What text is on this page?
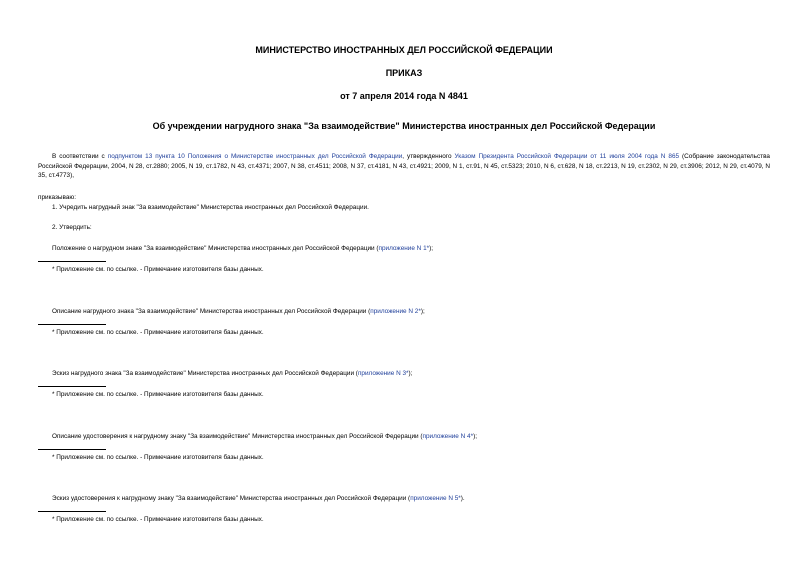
МИНИСТЕРСТВО ИНОСТРАННЫХ ДЕЛ РОССИЙСКОЙ ФЕДЕРАЦИИ
ПРИКАЗ
от 7 апреля 2014 года N 4841
Об учреждении нагрудного знака "За взаимодействие" Министерства иностранных дел Российской Федерации
В соответствии с подпунктом 13 пункта 10 Положения о Министерстве иностранных дел Российской Федерации, утвержденного Указом Президента Российской Федерации от 11 июля 2004 года N 865 (Собрание законодательства Российской Федерации, 2004, N 28, ст.2880; 2005, N 19, ст.1782, N 43, ст.4371; 2007, N 38, ст.4511; 2008, N 37, ст.4181, N 43, ст.4921; 2009, N 1, ст.91, N 45, ст.5323; 2010, N 6, ст.628, N 18, ст.2213, N 19, ст.2302, N 29, ст.3906; 2012, N 29, ст.4079, N 35, ст.4773),
приказываю:
1. Учредить нагрудный знак "За взаимодействие" Министерства иностранных дел Российской Федерации.
2. Утвердить:
Положение о нагрудном знаке "За взаимодействие" Министерства иностранных дел Российской Федерации (приложение N 1*);
* Приложение см. по ссылке. - Примечание изготовителя базы данных.
Описание нагрудного знака "За взаимодействие" Министерства иностранных дел Российской Федерации (приложение N 2*);
* Приложение см. по ссылке. - Примечание изготовителя базы данных.
Эскиз нагрудного знака "За взаимодействие" Министерства иностранных дел Российской Федерации (приложение N 3*);
* Приложение см. по ссылке. - Примечание изготовителя базы данных.
Описание удостоверения к нагрудному знаку "За взаимодействие" Министерства иностранных дел Российской Федерации (приложение N 4*);
* Приложение см. по ссылке. - Примечание изготовителя базы данных.
Эскиз удостоверения к нагрудному знаку "За взаимодействие" Министерства иностранных дел Российской Федерации (приложение N 5*).
* Приложение см. по ссылке. - Примечание изготовителя базы данных.
